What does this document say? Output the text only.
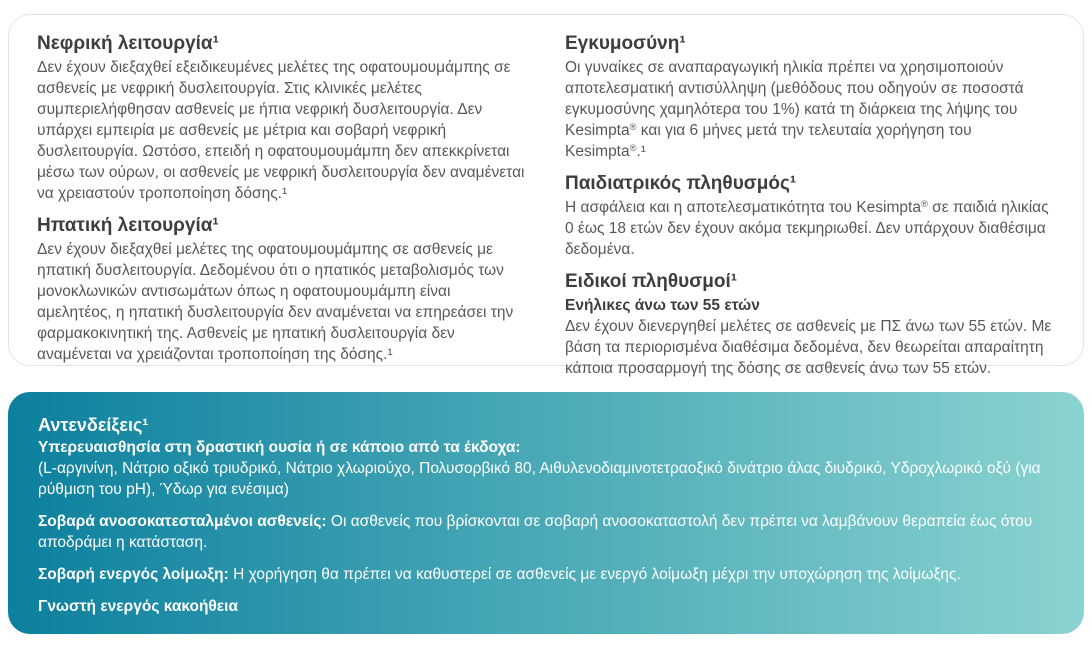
Νεφρική λειτουργία¹

Δεν έχουν διεξαχθεί εξειδικευμένες μελέτες της οφατουμουμάμπης σε ασθενείς με νεφρική δυσλειτουργία. Στις κλινικές μελέτες συμπεριελήφθησαν ασθενείς με ήπια νεφρική δυσλειτουργία. Δεν υπάρχει εμπειρία με ασθενείς με μέτρια και σοβαρή νεφρική δυσλειτουργία. Ωστόσο, επειδή η οφατουμουμάμπη δεν απεκκρίνεται μέσω των ούρων, οι ασθενείς με νεφρική δυσλειτουργία δεν αναμένεται να χρειαστούν τροποποίηση δόσης.¹

Ηπατική λειτουργία¹

Δεν έχουν διεξαχθεί μελέτες της οφατουμουμάμπης σε ασθενείς με ηπατική δυσλειτουργία. Δεδομένου ότι ο ηπατικός μεταβολισμός των μονοκλωνικών αντισωμάτων όπως η οφατουμουμάμπη είναι αμελητέος, η ηπατική δυσλειτουργία δεν αναμένεται να επηρεάσει την φαρμακοκινητική της. Ασθενείς με ηπατική δυσλειτουργία δεν αναμένεται να χρειάζονται τροποποίηση της δόσης.¹

Εγκυμοσύνη¹

Οι γυναίκες σε αναπαραγωγική ηλικία πρέπει να χρησιμοποιούν αποτελεσματική αντισύλληψη (μεθόδους που οδηγούν σε ποσοστά εγκυμοσύνης χαμηλότερα του 1%) κατά τη διάρκεια της λήψης του Kesimpta® και για 6 μήνες μετά την τελευταία χορήγηση του Kesimpta®.¹

Παιδιατρικός πληθυσμός¹

Η ασφάλεια και η αποτελεσματικότητα του Kesimpta® σε παιδιά ηλικίας 0 έως 18 ετών δεν έχουν ακόμα τεκμηριωθεί. Δεν υπάρχουν διαθέσιμα δεδομένα.

Ειδικοί πληθυσμοί¹
Ενήλικες άνω των 55 ετών

Δεν έχουν διενεργηθεί μελέτες σε ασθενείς με ΠΣ άνω των 55 ετών. Με βάση τα περιορισμένα διαθέσιμα δεδομένα, δεν θεωρείται απαραίτητη κάποια προσαρμογή της δόσης σε ασθενείς άνω των 55 ετών.

Αντενδείξεις¹

Υπερευαισθησία στη δραστική ουσία ή σε κάποιο από τα έκδοχα:
(L-αργινίνη, Νάτριο οξικό τριυδρικό, Νάτριο χλωριούχο, Πολυσορβικό 80, Αιθυλενοδιαμινοτετραοξικό δινάτριο άλας διυδρικό, Υδροχλωρικό οξύ (για ρύθμιση του pH), Ύδωρ για ενέσιμα)

Σοβαρά ανοσοκατεσταλμένοι ασθενείς: Οι ασθενείς που βρίσκονται σε σοβαρή ανοσοκαταστολή δεν πρέπει να λαμβάνουν θεραπεία έως ότου αποδράμει η κατάσταση.

Σοβαρή ενεργός λοίμωξη: Η χορήγηση θα πρέπει να καθυστερεί σε ασθενείς με ενεργό λοίμωξη μέχρι την υποχώρηση της λοίμωξης.

Γνωστή ενεργός κακοήθεια
